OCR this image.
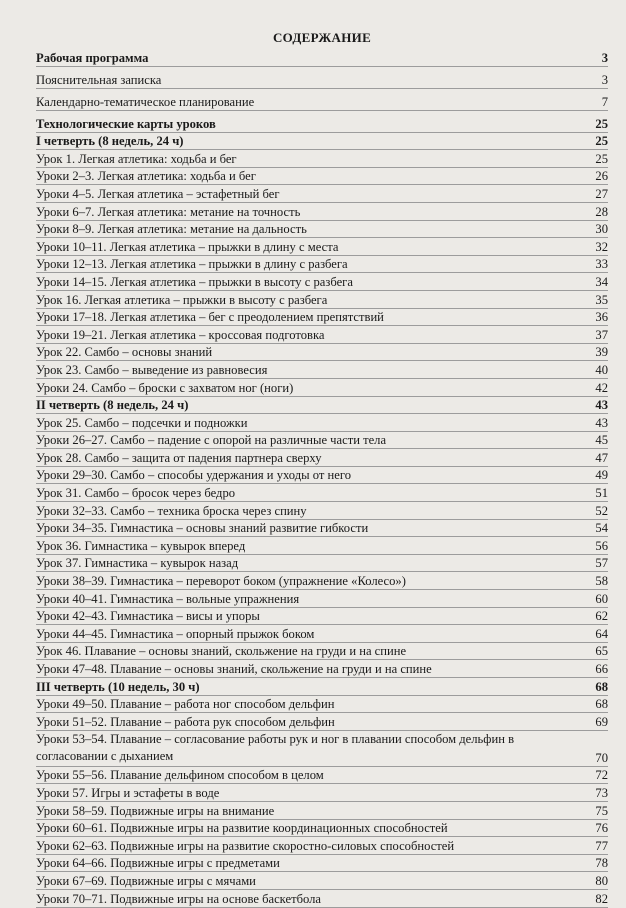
СОДЕРЖАНИЕ
Рабочая программа	3
Пояснительная записка	3
Календарно-тематическое планирование	7
Технологические карты уроков	25
I четверть (8 недель, 24 ч)	25
Урок 1. Легкая атлетика: ходьба и бег	25
Уроки 2–3. Легкая атлетика: ходьба и бег	26
Уроки 4–5. Легкая атлетика – эстафетный бег	27
Уроки 6–7. Легкая атлетика: метание на точность	28
Уроки 8–9. Легкая атлетика: метание на дальность	30
Уроки 10–11. Легкая атлетика – прыжки в длину с места	32
Уроки 12–13. Легкая атлетика – прыжки в длину с разбега	33
Уроки 14–15. Легкая атлетика – прыжки в высоту с разбега	34
Урок 16. Легкая атлетика – прыжки в высоту с разбега	35
Уроки 17–18. Легкая атлетика – бег с преодолением препятствий	36
Уроки 19–21. Легкая атлетика – кроссовая подготовка	37
Урок 22. Самбо – основы знаний	39
Урок 23. Самбо – выведение из равновесия	40
Уроки 24. Самбо – броски с захватом ног (ноги)	42
II четверть (8 недель, 24 ч)	43
Урок 25. Самбо – подсечки и подножки	43
Уроки 26–27. Самбо – падение с опорой на различные части тела	45
Урок 28. Самбо – защита от падения партнера сверху	47
Уроки 29–30. Самбо – способы удержания и уходы от него	49
Урок 31. Самбо – бросок через бедро	51
Уроки 32–33. Самбо – техника броска через спину	52
Уроки 34–35. Гимнастика – основы знаний развитие гибкости	54
Урок 36. Гимнастика – кувырок вперед	56
Урок 37. Гимнастика – кувырок назад	57
Уроки 38–39. Гимнастика – переворот боком (упражнение «Колесо»)	58
Уроки 40–41. Гимнастика – вольные упражнения	60
Уроки 42–43. Гимнастика – висы и упоры	62
Уроки 44–45. Гимнастика – опорный прыжок боком	64
Урок 46. Плавание – основы знаний, скольжение на груди и на спине	65
Уроки 47–48. Плавание – основы знаний, скольжение на груди и на спине	66
III четверть (10 недель, 30 ч)	68
Уроки 49–50. Плавание – работа ног способом дельфин	68
Уроки 51–52. Плавание – работа рук способом дельфин	69
Уроки 53–54. Плавание – согласование работы рук и ног в плавании способом дельфин в согласовании с дыханием	70
Уроки 55–56. Плавание дельфином способом в целом	72
Уроки 57. Игры и эстафеты в воде	73
Уроки 58–59. Подвижные игры на внимание	75
Уроки 60–61. Подвижные игры на развитие координационных способностей	76
Уроки 62–63. Подвижные игры на развитие скоростно-силовых способностей	77
Уроки 64–66. Подвижные игры с предметами	78
Уроки 67–69. Подвижные игры с мячами	80
Уроки 70–71. Подвижные игры на основе баскетбола	82
